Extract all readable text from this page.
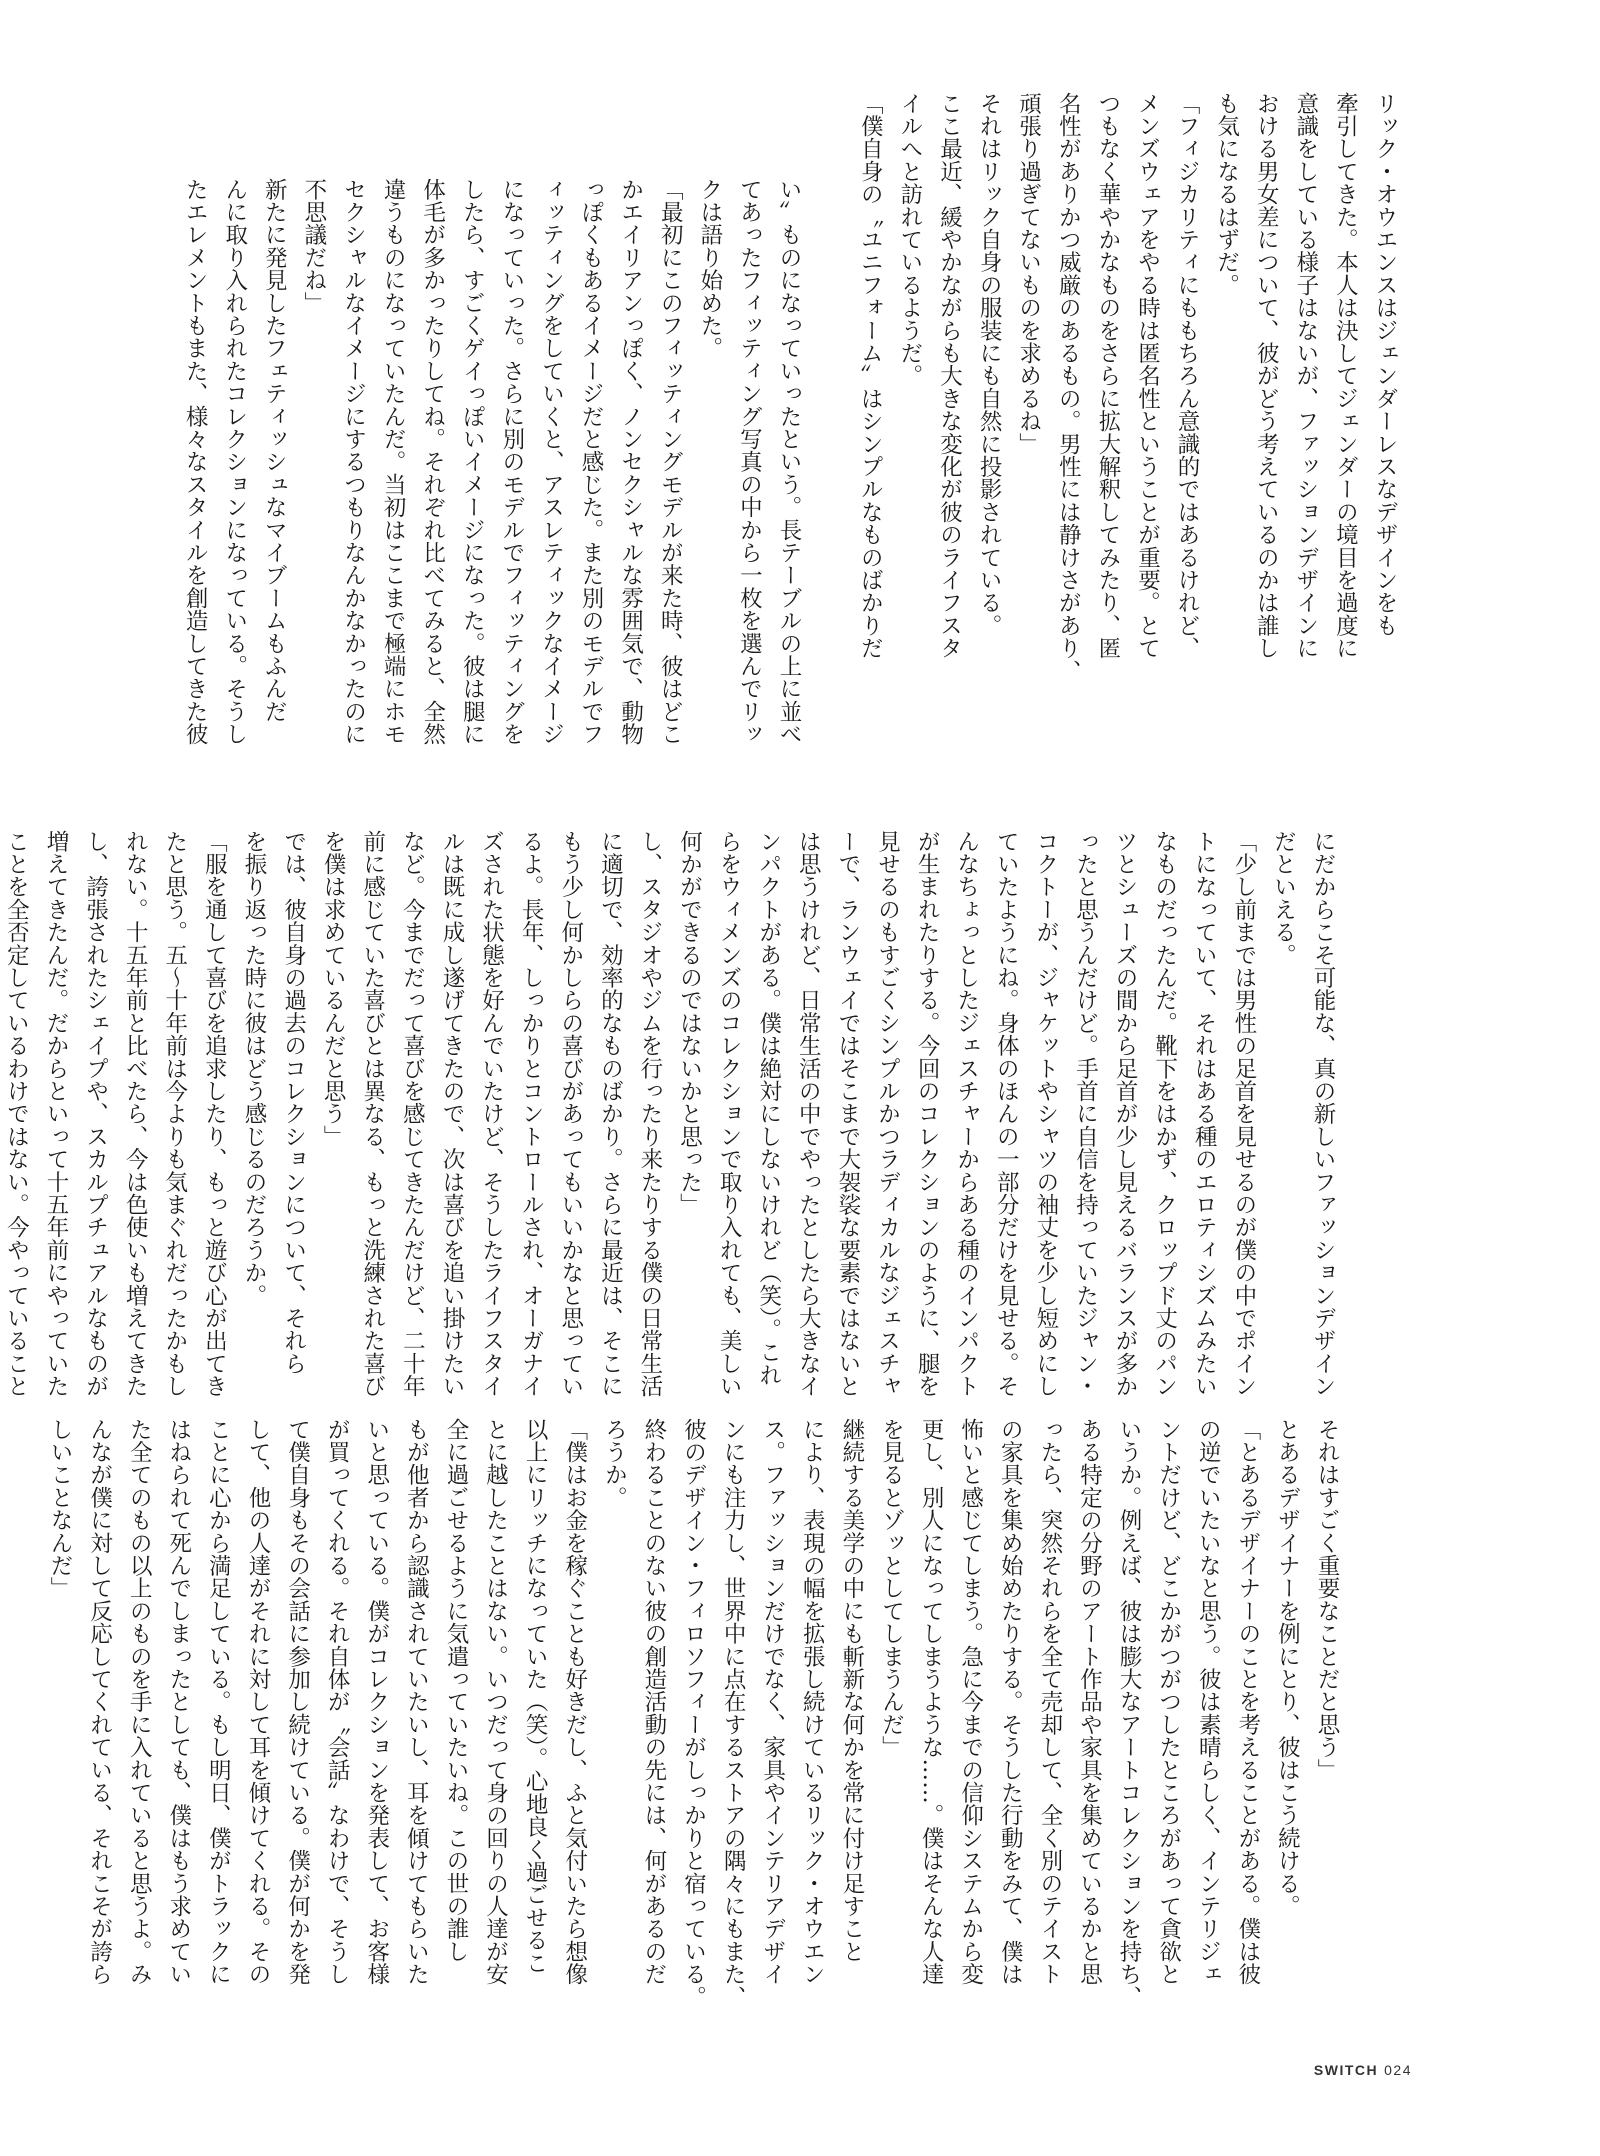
い〟ものになっていったという。長テーブルの上に並べ

てあったフィッティング写真の中から一枚を選んでリッ

クは語り始めた。

「最初にこのフィッティングモデルが来た時、彼はどこ

かエイリアンっぽく、ノンセクシャルな雰囲気で、動物

っぽくもあるイメージだと感じた。また別のモデルでフ

ィッティングをしていくと、アスレティックなイメージ

になっていった。さらに別のモデルでフィッティングを

したら、すごくゲイっぽいイメージになった。彼は腿に

体毛が多かったりしてね。それぞれ比べてみると、全然

違うものになっていたんだ。当初はここまで極端にホモ

セクシャルなイメージにするつもりなんかなかったのに

不思議だね」

新たに発見したフェティッシュなマイブームもふんだ

んに取り入れられたコレクションになっている。そうし

たエレメントもまた、様々なスタイルを創造してきた彼	リック・オウエンスはジェンダーレスなデザインをも

牽引してきた。本人は決してジェンダーの境目を過度に

意識をしている様子はないが、ファッションデザインに

おける男女差について、彼がどう考えているのかは誰し

も気になるはずだ。

「フィジカリティにももちろん意識的ではあるけれど、

メンズウェアをやる時は匿名性ということが重要。とて

つもなく華やかなものをさらに拡大解釈してみたり、匿

名性がありかつ威厳のあるもの。男性には静けさがあり、

頑張り過ぎてないものを求めるね」

それはリック自身の服装にも自然に投影されている。

ここ最近、緩やかながらも大きな変化が彼のライフスタ

イルへと訪れているようだ。

「僕自身の〝ユニフォーム〟はシンプルなものばかりだ

にだからこそ可能な、真の新しいファッションデザイン

だといえる。

「少し前までは男性の足首を見せるのが僕の中でポイン

トになっていて、それはある種のエロティシズムみたい

なものだったんだ。靴下をはかず、クロップド丈のパン

ツとシューズの間から足首が少し見えるバランスが多か

ったと思うんだけど。手首に自信を持っていたジャン・

コクトーが、ジャケットやシャツの袖丈を少し短めにし

ていたようにね。身体のほんの一部分だけを見せる。そ

んなちょっとしたジェスチャーからある種のインパクト

が生まれたりする。今回のコレクションのように、腿を

見せるのもすごくシンプルかつラディカルなジェスチャ

ーで、ランウェイではそこまで大袈裟な要素ではないと

は思うけれど、日常生活の中でやったとしたら大きなイ

ンパクトがある。僕は絶対にしないけれど（笑）。これ

らをウィメンズのコレクションで取り入れても、美しい

何かができるのではないかと思った」

し、スタジオやジムを行ったり来たりする僕の日常生活

に適切で、効率的なものばかり。さらに最近は、そこに

もう少し何かしらの喜びがあってもいいかなと思ってい

るよ。長年、しっかりとコントロールされ、オーガナイ

ズされた状態を好んでいたけど、そうしたライフスタイ

ルは既に成し遂げてきたので、次は喜びを追い掛けたい

など。今までだって喜びを感じてきたんだけど、二十年

前に感じていた喜びとは異なる、もっと洗練された喜び

を僕は求めているんだと思う」

では、彼自身の過去のコレクションについて、それら

を振り返った時に彼はどう感じるのだろうか。

「服を通して喜びを追求したり、もっと遊び心が出てき

たと思う。五〜十年前は今よりも気まぐれだったかもし

れない。十五年前と比べたら、今は色使いも増えてきた

し、誇張されたシェイプや、スカルプチュアルなものが

増えてきたんだ。だからといって十五年前にやっていた

ことを全否定しているわけではない。今やっていること

それはすごく重要なことだと思う」

とあるデザイナーを例にとり、彼はこう続ける。

「とあるデザイナーのことを考えることがある。僕は彼

の逆でいたいなと思う。彼は素晴らしく、インテリジェ

ントだけど、どこかがつがつしたところがあって貪欲と

いうか。例えば、彼は膨大なアートコレクションを持ち、

ある特定の分野のアート作品や家具を集めているかと思

ったら、突然それらを全て売却して、全く別のテイスト

の家具を集め始めたりする。そうした行動をみて、僕は

怖いと感じてしまう。急に今までの信仰システムから変

更し、別人になってしまうような……。僕はそんな人達

を見るとゾッとしてしまうんだ」

継続する美学の中にも斬新な何かを常に付け足すこと

により、表現の幅を拡張し続けているリック・オウエン

ス。ファッションだけでなく、家具やインテリアデザイ

ンにも注力し、世界中に点在するストアの隅々にもまた、

彼のデザイン・フィロソフィーがしっかりと宿っている。

終わることのない彼の創造活動の先には、何があるのだ

ろうか。

「僕はお金を稼ぐことも好きだし、ふと気付いたら想像

以上にリッチになっていた（笑）。心地良く過ごせるこ

とに越したことはない。いつだって身の回りの人達が安

全に過ごせるように気遣っていたいね。この世の誰し

もが他者から認識されていたいし、耳を傾けてもらいた

いと思っている。僕がコレクションを発表して、お客様

が買ってくれる。それ自体が〝会話〟なわけで、そうし

て僕自身もその会話に参加し続けている。僕が何かを発

して、他の人達がそれに対して耳を傾けてくれる。その

ことに心から満足している。もし明日、僕がトラックに

はねられて死んでしまったとしても、僕はもう求めてい

た全てのもの以上のものを手に入れていると思うよ。み

んなが僕に対して反応してくれている、それこそが誇ら

しいことなんだ」

SWITCH 024
